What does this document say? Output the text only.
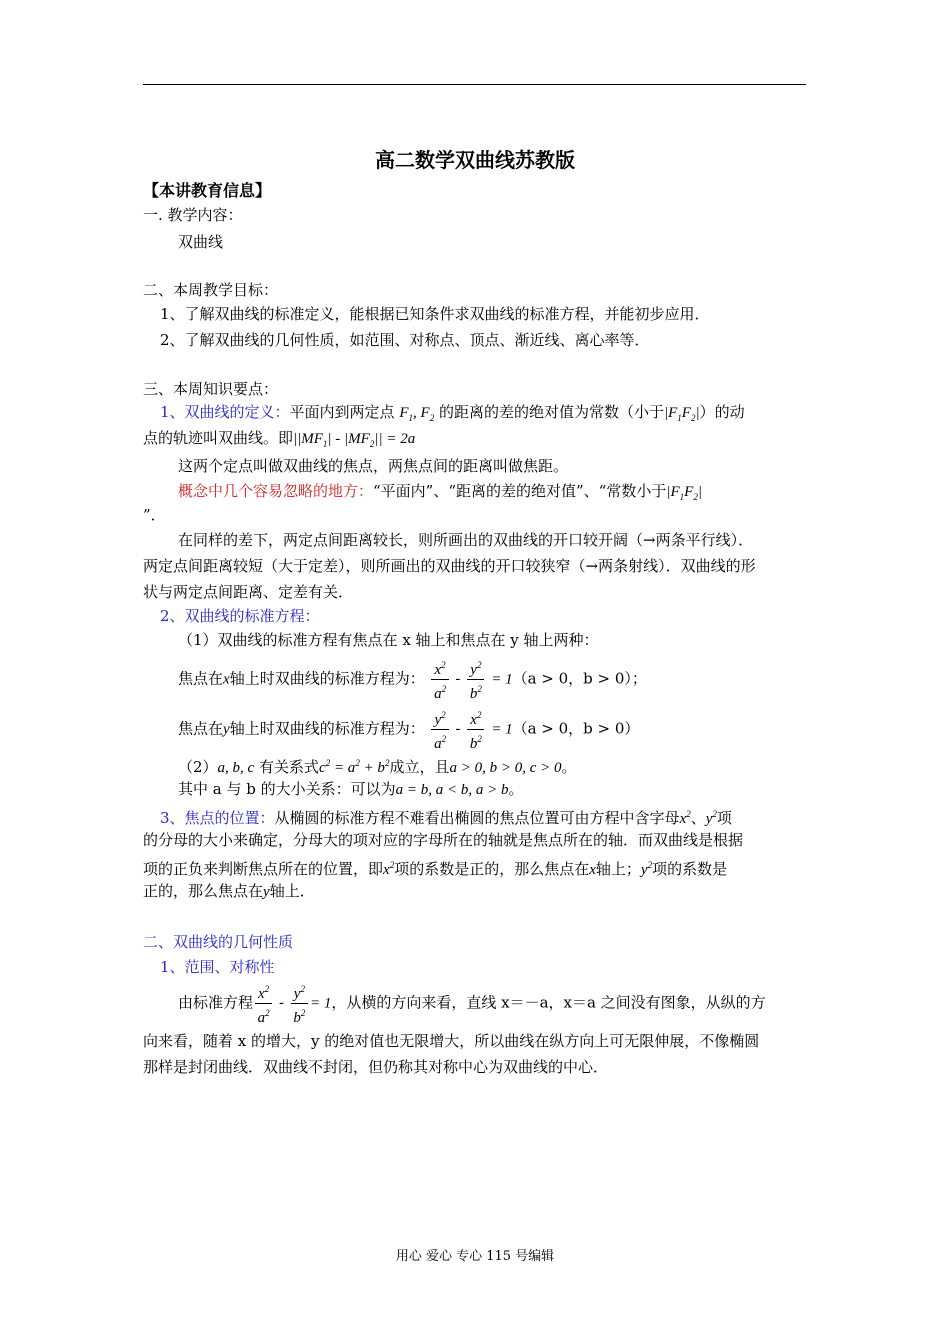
高二数学双曲线苏教版
【本讲教育信息】
一. 教学内容：
双曲线
二、本周教学目标：
1、了解双曲线的标准定义，能根据已知条件求双曲线的标准方程，并能初步应用．
2、了解双曲线的几何性质，如范围、对称点、顶点、渐近线、离心率等．
三、本周知识要点：
1、双曲线的定义：平面内到两定点 $F_1$, $F_2$ 的距离的差的绝对值为常数（小于$|F_1F_2|$）的动
点的轨迹叫双曲线。即$||MF_1| - |MF_2|| = 2a$
这两个定点叫做双曲线的焦点，两焦点间的距离叫做焦距。
概念中几个容易忽略的地方：“平面内”、“距离的差的绝对值”、“常数小于$|F_1F_2|$
”．
在同样的差下，两定点间距离较长，则所画出的双曲线的开口较开阔（→两条平行线）．
两定点间距离较短（大于定差），则所画出的双曲线的开口较狭窄（→两条射线）．双曲线的形
状与两定点间距离、定差有关．
2、双曲线的标准方程：
（1）双曲线的标准方程有焦点在 x 轴上和焦点在 y 轴上两种：
焦点在x轴上时双曲线的标准方程为： $\frac{x^2}{a^2} - \frac{y^2}{b^2} = 1(a > 0$，b > 0）；
焦点在y轴上时双曲线的标准方程为： $\frac{y^2}{a^2} - \frac{x^2}{b^2} = 1(a > 0$，b > 0）
（2）a, b, c 有关系式$c^2 = a^2 + b^2$成立，且a > 0, b > 0, c > 0。
其中 a 与 b 的大小关系：可以为a = b, a < b, a > b。
3、焦点的位置：从椭圆的标准方程不难看出椭圆的焦点位置可由方程中含字母$x^2$、$y^2$项
的分母的大小来确定，分母大的项对应的字母所在的轴就是焦点所在的轴．而双曲线是根据
项的正负来判断焦点所在的位置，即$x^2$项的系数是正的，那么焦点在x轴上；$y^2$项的系数是
正的，那么焦点在y轴上．
二、双曲线的几何性质
1、范围、对称性
由标准方程 $\frac{x^2}{a^2} - \frac{y^2}{b^2} = 1$，从横的方向来看，直线 x＝－a，x＝a 之间没有图象，从纵的方
向来看，随着 x 的增大，y 的绝对值也无限增大，所以曲线在纵方向上可无限伸展，不像椭圆
那样是封闭曲线．双曲线不封闭，但仍称其对称中心为双曲线的中心．
用心 爱心 专心 115 号编辑
